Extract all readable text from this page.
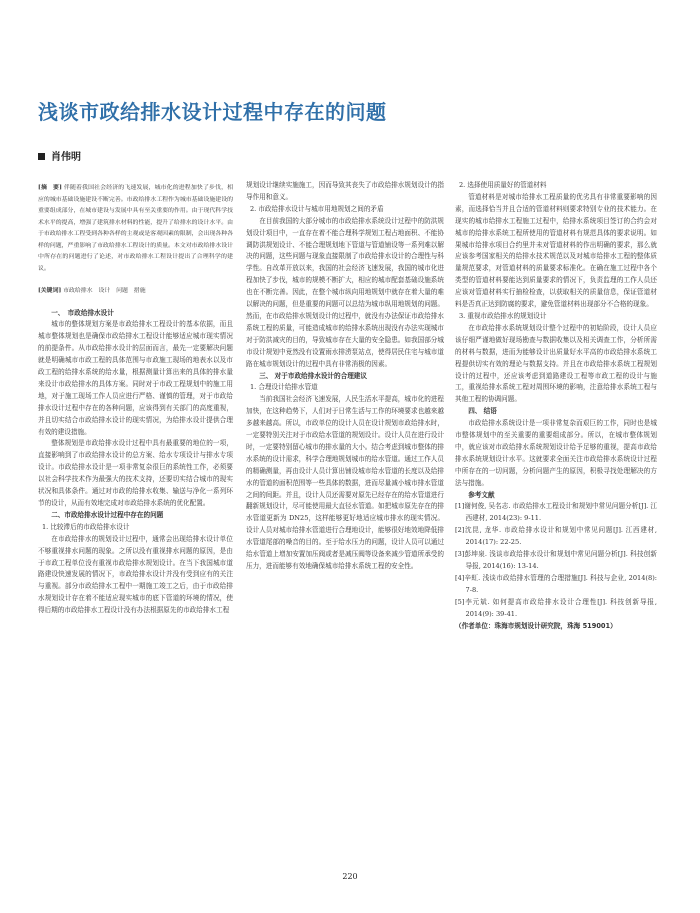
浅谈市政给排水设计过程中存在的问题
肖伟明

[摘　要] 伴随着我国社会经济的飞速发展，城市化的进程加快了步伐，相应的城市基础设施建设不断完善。市政给排水工程作为城市基础设施建设的重要组成部分，在城市建设与发展中具有至关重要的作用。由于现代科学技术水平的提高，增强了建筑排水材料的性能，提升了给排水的设计水平。由于市政给排水工程受到各种各样的主观或是客观因素的限制，会出现各种各样的问题，严重影响了市政给排水工程设计的质量。本文对市政给排水设计中所存在的问题进行了论述，对市政给排水工程设计提出了合理科学的建议。

[关键词] 市政给排水　设计　问题　措施

一、　市政给排水设计

城市的整体规划方案是市政给排水工程设计的基本依据，而且城市整体规划也是确保市政给排水工程设计能够适应城市现实情况的前提条件。从市政给排水设计的层面而言，最先一定要解决问题就是明确城市市政工程的具体范围与市政施工现场的地表水以及市政工程的给排水系统的给水量，根据测量计算出来的具体的排水量来设计市政给排水的具体方案。同时对于市政工程规划中的施工用地，对于施工现场工作人员应进行严格、谨慎的管理，对于市政给排水设计过程中存在的各种问题，应该得到有关部门的高度重视，并且切实结合市政给排水设计的现实情况，为给排水设计提供合理有效的建设措施。

整体规划是市政给排水设计过程中具有最重要的地位的一项，直接影响到了市政给排水设计的总方案、给水专项设计与排水专项设计。市政给排水设计是一项非常复杂很巨的系统性工作，必须要以社会科学技术作为最强大的技术支持，还要切实结合城市的现实状况和具体条件。通过对市政的给排水收集、输送与净化一系列环节的设计，从而有效地完成对市政给排水系统的优化配置。

二、市政给排水设计过程中存在的问题

1. 比较滞后的市政给排水设计

在市政给排水的规划设计过程中，通常会出现给排水设计单位不够重视排水问题的现象。之所以没有重视排水问题的原因，是由于市政工程单位没有重视市政给排水规划设计。在当下我国城市道路建设快速发展的情况下，市政给排水设计并没有受到应有的关注与重视。部分市政给排水工程中一期施工竣工之后，由于市政给排水规划设计存在着不能适应现实城市的底下管道的环境的情况，使得后期的市政给排水工程设计没有办法根据原先的市政给排水工程

规划设计继续实施施工，因而导致其丧失了市政给排水规划设计的指导作用和意义。

2. 市政给排水设计与城市用地规划之间的矛盾

在目前我国的大部分城市的市政给排水系统设计过程中的防洪规划设计项目中，一直存在着不能合理科学规划工程占地面积、不能协调防洪规划设计、不能合理规划地下管道与管道铺设等一系列难以解决的问题，这些问题与现象直接限制了市政给排水设计的合理性与科学性。自改革开放以来，我国的社会经济飞速发展，我国的城市化进程加快了步伐，城市的规模不断扩大，相应的城市配套基础设施系统也在不断完善。因此，在整个城市纵向用地规划中就存在着大量的难以解决的问题，但是重要的问题可以总结为城市纵用地规划的问题。然而，在市政给排水规划设计的过程中，就没有办法保证市政给排水系统工程的质量，可能造成城市的给排水系统出现没有办法实现城市对于防洪减灾的目的，导致城市存在大量的安全隐患。如我国部分城市设计规划中竟然没有设置雨水排涝泵站点，使得居民住宅与城市道路在城市规划设计的过程中具有非常消极的因素。

三、 对于市政给排水设计的合理建议

1. 合理设计给排水管道

当前我国社会经济飞速发展，人民生活水平提高，城市化的进程加快，在这种趋势下，人们对于日常生活与工作的环境要求也越来越多越来越高。所以，市政单位的设计人员在设计规划市政给排水时，一定要特别关注对于市政给水管道的规划设计。设计人员在进行设计时，一定要特别留心城市的排水量的大小。结合考虑到城市整体的排水系统的设计需求，科学合理地规划城市的给水管道。通过工作人员的精确测量，再由设计人员计算出铺设城市给水管道的长度以及给排水的管道的面积范围等一些具体的数据，进而尽量减小城市排水管道之间的间距。并且，设计人员还需要对原先已经存在的给水管道进行翻新规划设计，尽可能使用最大直径水管道。如把城市原先存在的排水管道更新为 DN25，这样能够更好地适应城市排水的现实情况。设计人员对城市给排水管道进行合理地设计，能够很好地效地降低排水管道尾部的噪音的目的。至于给水压力的问题，设计人员可以通过给水管道上增加安置加压阀或者是减压阀等设备来减少管道所承受的压力，进而能够有效地确保城市给排水系统工程的安全性。

2. 选择使用质量好的管道材料

管道材料是对城市给排水工程质量的优劣具有非常重要影响的因素，而选择恰当并且合适的管道材料则要求特别专业的技术能力。在现实的城市给排水工程施工过程中，给排水系统项目签订的合约会对城市的给排水系统工程所使用的管道材料有规范具体的要求说明。如果城市给排水项目合约里并未对管道材料的作出明确的要求，那么就应该参考国家相关的给排水技术规范以及对城市给排水工程的整体质量规范要求，对管道材料的质量要求标准化。在确在施工过程中各个类型的管道材料要能达到质量要求的情况下，负责监理的工作人员还应该对管道材料实行抽检检查，以获取相关的质量信息，保证管道材料是否真正达到防腐的要求，避免管道材料出现部分不合格的现象。

3. 重视市政给排水的规划设计

在市政给排水系统规划设计整个过程中的初始阶段，设计人员应该仔细严谨地做好现场勘查与数据收集以及相关调查工作，分析所需的材料与数据，进而为能够设计出质量好水平高的市政给排水系统工程提供切实有效的理论与数据支持。并且在市政给排水系统工程规划设计的过程中，还应该考虑到道路建设工程等市政工程的设计与施工，重视给排水系统工程对周围环境的影响，注意给排水系统工程与其他工程的协调问题。

四、 结语

市政给排水系统设计是一项非常复杂而艰巨的工作，同时也是城市整体规划中的至关重要的重要组成部分。所以，在城市整体规划中，就应该对市政给排水系统规划设计给予足够的重视，提高市政给排水系统规划设计水平。这就要求全面关注市政给排水系统设计过程中所存在的一切问题，分析问题产生的原因，积极寻找处理解决的方法与措施。

参考文献

[1]谢何俊, 吴名志. 市政给排水工程设计和规划中常见问题分析[J]. 江西建材, 2014(23): 9-11.

[2]沈昆, 龙华. 市政给排水设计和规划中常见问题[J]. 江西建材, 2014(17): 22-25.

[3]彭坤泉. 浅谈市政给排水设计和规划中常见问题分析[J]. 科技创新导报, 2014(16): 13-14.

[4]辛虹. 浅谈市政给排水管理的合理措施[J]. 科技与企业, 2014(8): 7-8.

[5]李元斌. 如何提高市政给排水设计合理性[J]. 科技创新导报, 2014(9): 39-41.

（作者单位：珠海市规划设计研究院，珠海 519001）

220
